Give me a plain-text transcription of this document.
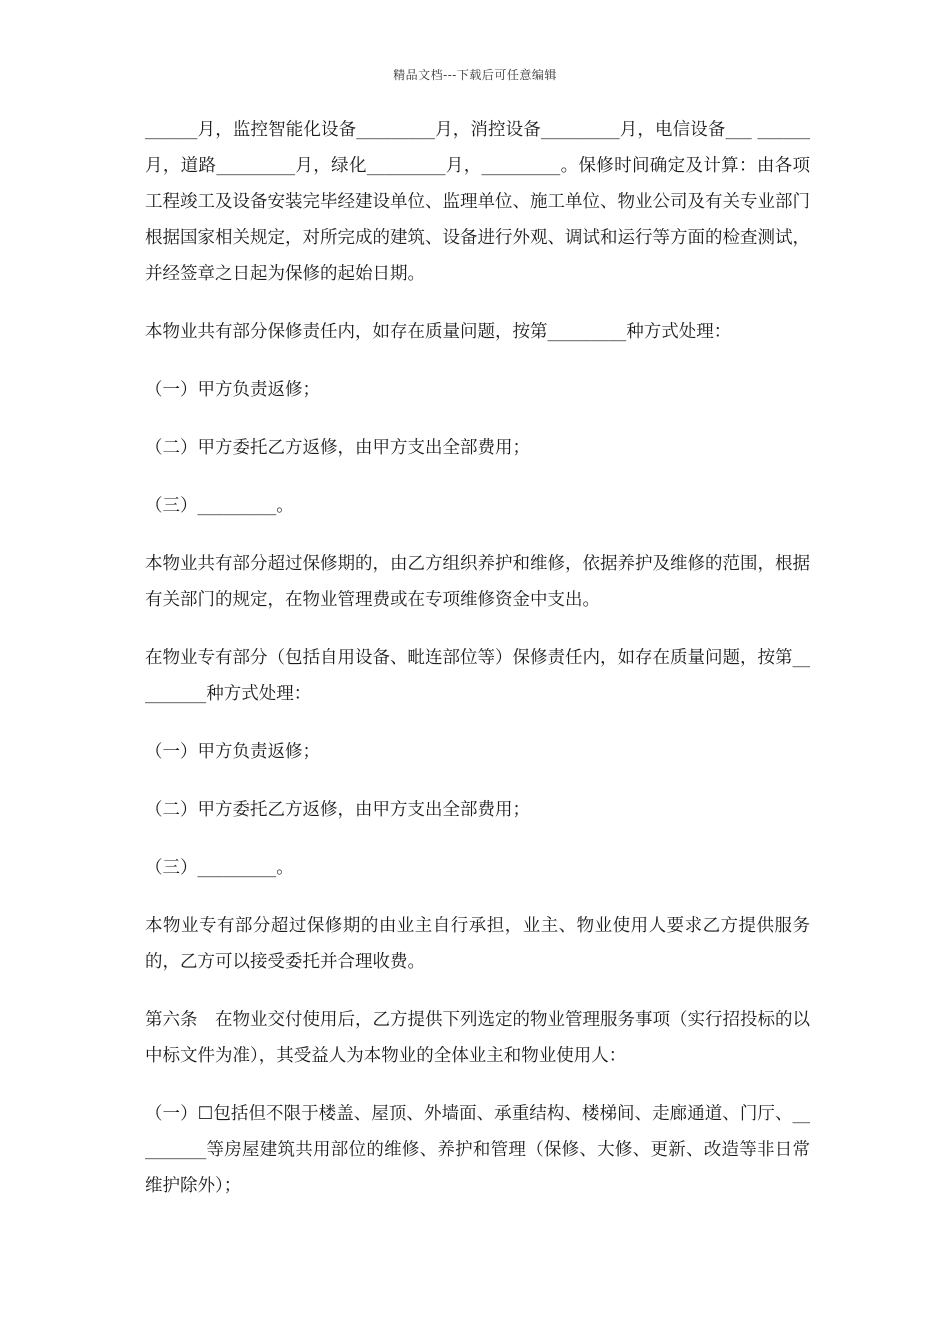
精品文档---下载后可任意编辑

______月，监控智能化设备_________月，消控设备_________月，电信设备___ ______月，道路_________月，绿化_________月，_________。保修时间确定及计算：由各项工程竣工及设备安装完毕经建设单位、监理单位、施工单位、物业公司及有关专业部门根据国家相关规定，对所完成的建筑、设备进行外观、调试和运行等方面的检查测试，并经签章之日起为保修的起始日期。

本物业共有部分保修责任内，如存在质量问题，按第_________种方式处理：

（一）甲方负责返修；

（二）甲方委托乙方返修，由甲方支出全部费用；

（三）_________。

本物业共有部分超过保修期的，由乙方组织养护和维修，依据养护及维修的范围，根据有关部门的规定，在物业管理费或在专项维修资金中支出。

在物业专有部分（包括自用设备、毗连部位等）保修责任内，如存在质量问题，按第_________种方式处理：

（一）甲方负责返修；

（二）甲方委托乙方返修，由甲方支出全部费用；

（三）_________。

本物业专有部分超过保修期的由业主自行承担，业主、物业使用人要求乙方提供服务的，乙方可以接受委托并合理收费。

第六条　在物业交付使用后，乙方提供下列选定的物业管理服务事项（实行招投标的以中标文件为准），其受益人为本物业的全体业主和物业使用人：

（一）☐包括但不限于楼盖、屋顶、外墙面、承重结构、楼梯间、走廊通道、门厅、_________等房屋建筑共用部位的维修、养护和管理（保修、大修、更新、改造等非日常维护除外）；
